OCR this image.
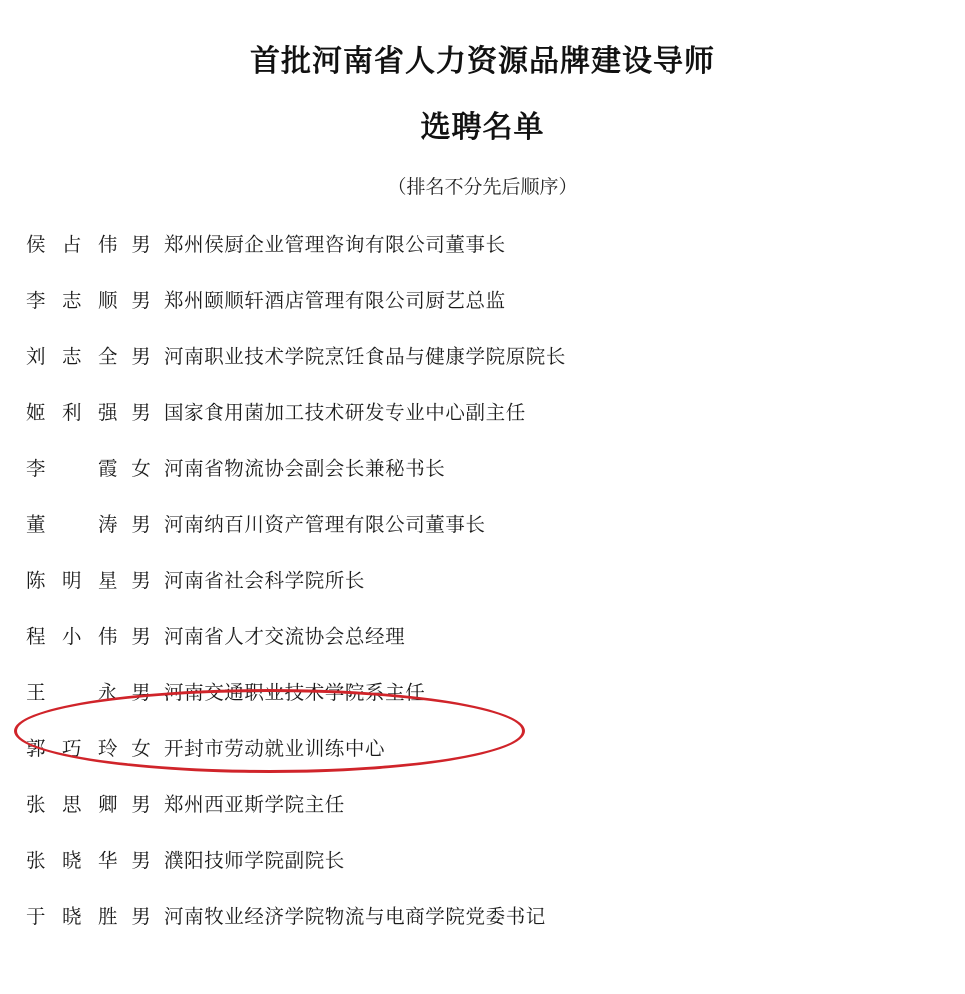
首批河南省人力资源品牌建设导师
选聘名单
（排名不分先后顺序）
侯占伟 男 郑州侯厨企业管理咨询有限公司董事长
李志顺 男 郑州颐顺轩酒店管理有限公司厨艺总监
刘志全 男 河南职业技术学院烹饪食品与健康学院原院长
姬利强 男 国家食用菌加工技术研发专业中心副主任
李霞 女 河南省物流协会副会长兼秘书长
董涛 男 河南纳百川资产管理有限公司董事长
陈明星 男 河南省社会科学院所长
程小伟 男 河南省人才交流协会总经理
王永 男 河南交通职业技术学院系主任
郭巧玲 女 开封市劳动就业训练中心
张思卿 男 郑州西亚斯学院主任
张晓华 男 濮阳技师学院副院长
于晓胜 男 河南牧业经济学院物流与电商学院党委书记
